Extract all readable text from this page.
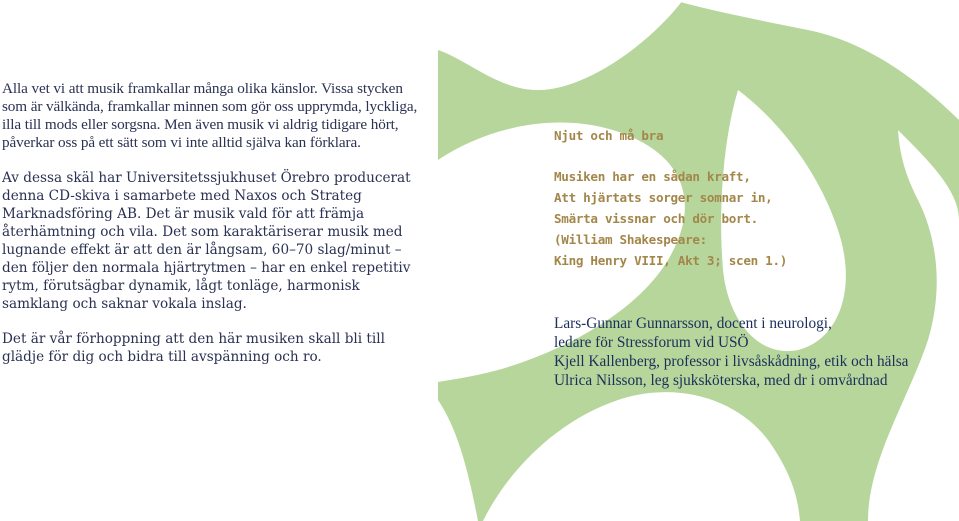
Alla vet vi att musik framkallar många olika känslor. Vissa stycken som är välkända, framkallar minnen som gör oss upprymda, lyckliga, illa till mods eller sorgsna. Men även musik vi aldrig tidigare hört, påverkar oss på ett sätt som vi inte alltid själva kan förklara.

Av dessa skäl har Universitetssjukhuset Örebro producerat denna CD-skiva i samarbete med Naxos och Strateg Marknadsföring AB. Det är musik vald för att främja återhämtning och vila. Det som karaktäriserar musik med lugnande effekt är att den är långsam, 60–70 slag/minut – den följer den normala hjärtrytmen – har en enkel repetitiv rytm, förutsägbar dynamik, lågt tonläge, harmonisk samklang och saknar vokala inslag.

Det är vår förhoppning att den här musiken skall bli till glädje för dig och bidra till avspänning och ro.

Njut och må bra
Musiken har en sådan kraft,
Att hjärtats sorger somnar in,
Smärta vissnar och dör bort.
(William Shakespeare:
King Henry VIII, Akt 3; scen 1.)
Lars-Gunnar Gunnarsson, docent i neurologi,
ledare för Stressforum vid USÖ
Kjell Kallenberg, professor i livsåskådning, etik och hälsa
Ulrica Nilsson, leg sjuksköterska, med dr i omvårdnad
